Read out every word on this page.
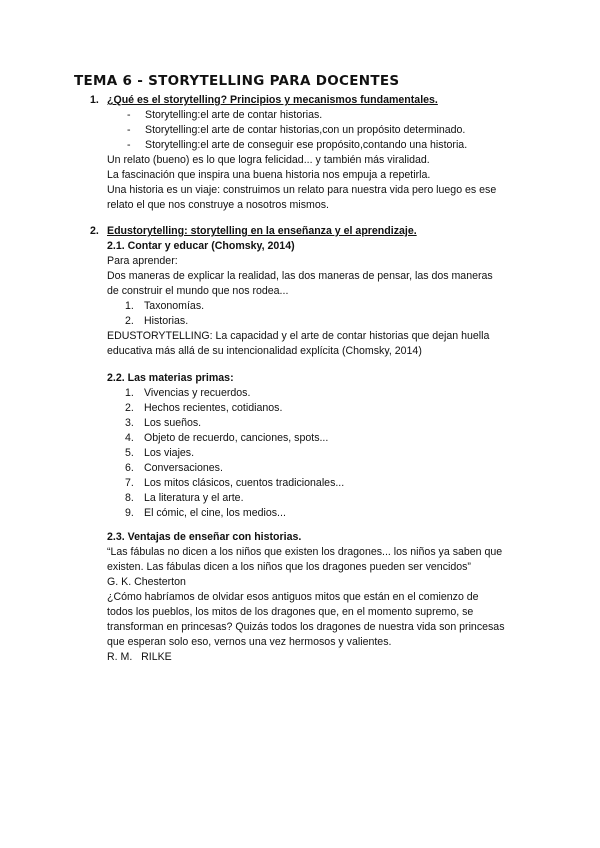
TEMA 6 - STORYTELLING PARA DOCENTES
1. ¿Qué es el storytelling? Principios y mecanismos fundamentales.
- Storytelling:el arte de contar historias.
- Storytelling:el arte de contar historias,con un propósito determinado.
- Storytelling:el arte de conseguir ese propósito,contando una historia.
Un relato (bueno) es lo que logra felicidad... y también más viralidad.
La fascinación que inspira una buena historia nos empuja a repetirla.
Una historia es un viaje: construimos un relato para nuestra vida pero luego es ese
relato el que nos construye a nosotros mismos.
2. Edustorytelling: storytelling en la enseñanza y el aprendizaje.
2.1. Contar y educar (Chomsky, 2014)
Para aprender:
Dos maneras de explicar la realidad, las dos maneras de pensar, las dos maneras
de construir el mundo que nos rodea...
1. Taxonomías.
2. Historias.
EDUSTORYTELLING: La capacidad y el arte de contar historias que dejan huella
educativa más allá de su intencionalidad explícita (Chomsky, 2014)
2.2. Las materias primas:
1. Vivencias y recuerdos.
2. Hechos recientes, cotidianos.
3. Los sueños.
4. Objeto de recuerdo, canciones, spots...
5. Los viajes.
6. Conversaciones.
7. Los mitos clásicos, cuentos tradicionales...
8. La literatura y el arte.
9. El cómic, el cine, los medios...
2.3. Ventajas de enseñar con historias.
“Las fábulas no dicen a los niños que existen los dragones... los niños ya saben que
existen. Las fábulas dicen a los niños que los dragones pueden ser vencidos”
G. K. Chesterton
¿Cómo habríamos de olvidar esos antiguos mitos que están en el comienzo de
todos los pueblos, los mitos de los dragones que, en el momento supremo, se
transforman en princesas? Quizás todos los dragones de nuestra vida son princesas
que esperan solo eso, vernos una vez hermosos y valientes.
R. M.   RILKE
